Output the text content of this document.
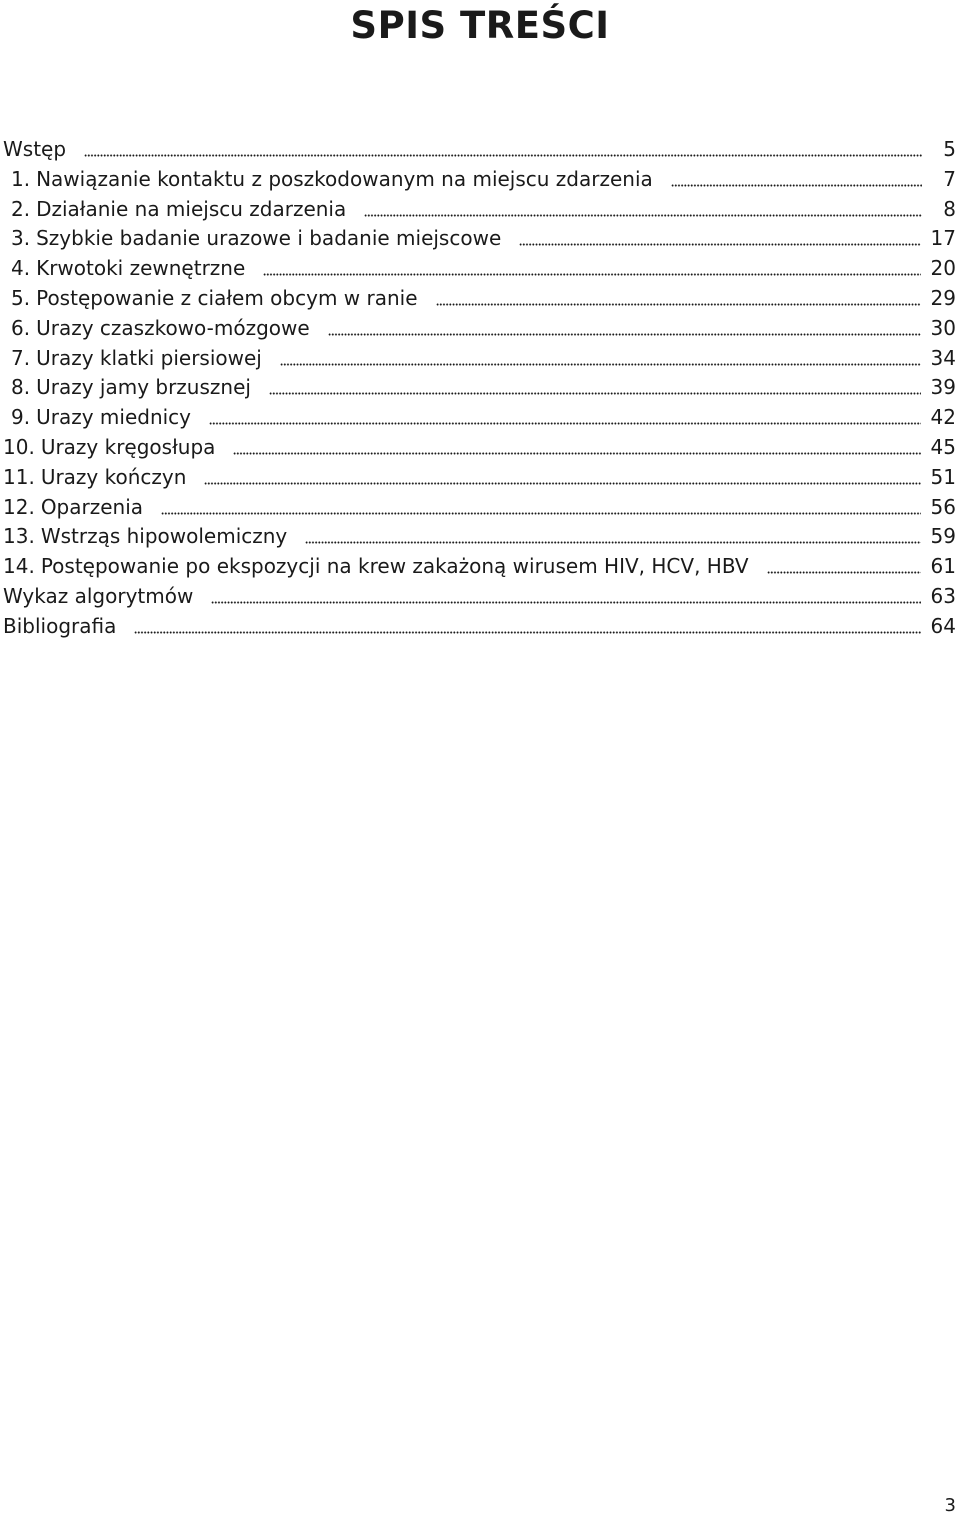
SPIS TREŚCI
Wstęp	5
1. Nawiązanie kontaktu z poszkodowanym na miejscu zdarzenia	7
2. Działanie na miejscu zdarzenia	8
3. Szybkie badanie urazowe i badanie miejscowe	17
4. Krwotoki zewnętrzne	20
5. Postępowanie z ciałem obcym w ranie	29
6. Urazy czaszkowo-mózgowe	30
7. Urazy klatki piersiowej	34
8. Urazy jamy brzusznej	39
9. Urazy miednicy	42
10. Urazy kręgosłupa	45
11. Urazy kończyn	51
12. Oparzenia	56
13. Wstrząs hipowolemiczny	59
14. Postępowanie po ekspozycji na krew zakażoną wirusem HIV, HCV, HBV	61
Wykaz algorytmów	63
Bibliografia	64
3
